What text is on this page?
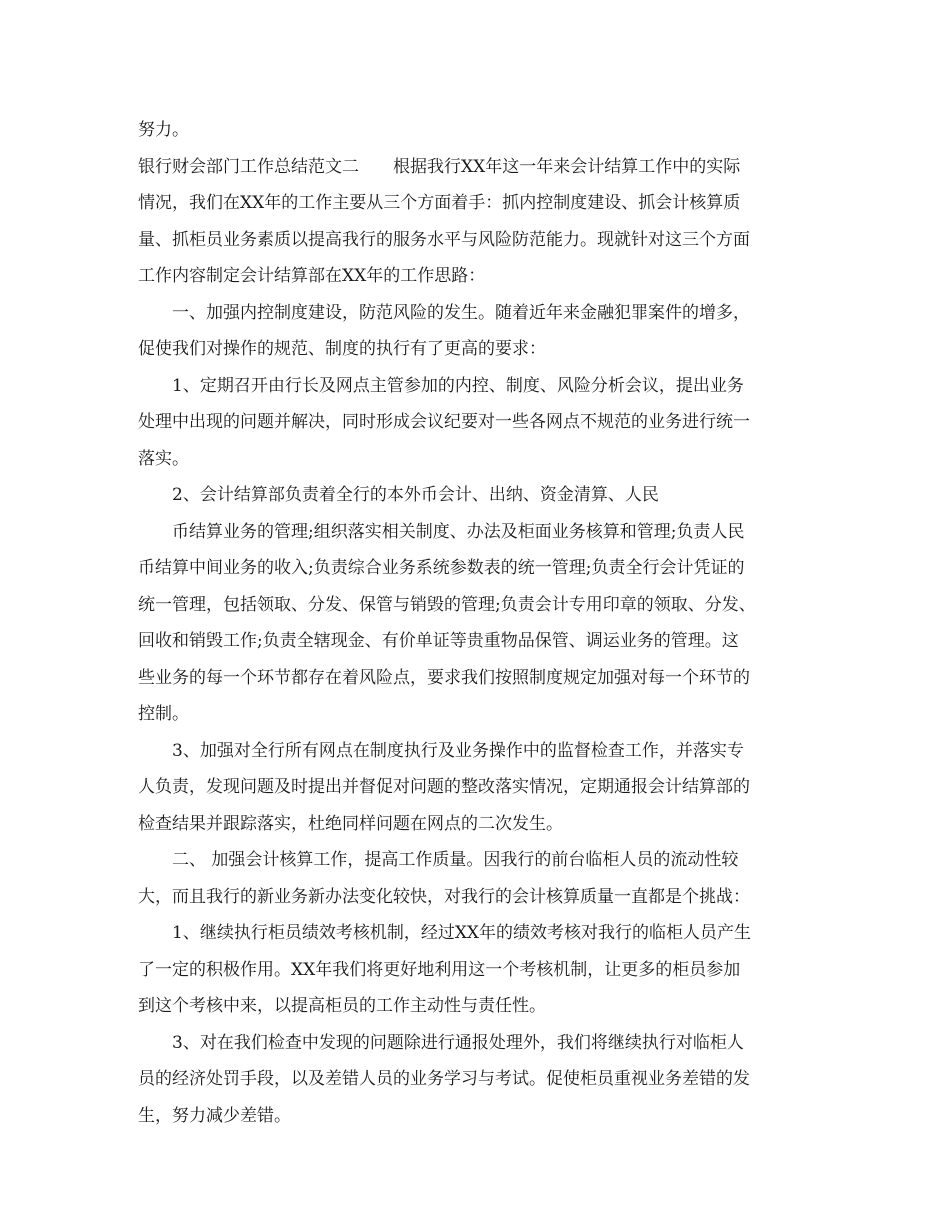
努力。
银行财会部门工作总结范文二 根据我行XX年这一年来会计结算工作中的实际
情况，我们在XX年的工作主要从三个方面着手：抓内控制度建设、抓会计核算质
量、抓柜员业务素质以提高我行的服务水平与风险防范能力。现就针对这三个方面
工作内容制定会计结算部在XX年的工作思路：
一、加强内控制度建设，防范风险的发生。随着近年来金融犯罪案件的增多，
促使我们对操作的规范、制度的执行有了更高的要求：
1、定期召开由行长及网点主管参加的内控、制度、风险分析会议，提出业务
处理中出现的问题并解决，同时形成会议纪要对一些各网点不规范的业务进行统一
落实。
2、会计结算部负责着全行的本外币会计、出纳、资金清算、人民
币结算业务的管理;组织落实相关制度、办法及柜面业务核算和管理;负责人民
币结算中间业务的收入;负责综合业务系统参数表的统一管理;负责全行会计凭证的
统一管理，包括领取、分发、保管与销毁的管理;负责会计专用印章的领取、分发、
回收和销毁工作;负责全辖现金、有价单证等贵重物品保管、调运业务的管理。这
些业务的每一个环节都存在着风险点，要求我们按照制度规定加强对每一个环节的
控制。
3、加强对全行所有网点在制度执行及业务操作中的监督检查工作，并落实专
人负责，发现问题及时提出并督促对问题的整改落实情况，定期通报会计结算部的
检查结果并跟踪落实，杜绝同样问题在网点的二次发生。
二、 加强会计核算工作，提高工作质量。因我行的前台临柜人员的流动性较
大，而且我行的新业务新办法变化较快，对我行的会计核算质量一直都是个挑战：
1、继续执行柜员绩效考核机制，经过XX年的绩效考核对我行的临柜人员产生
了一定的积极作用。XX年我们将更好地利用这一个考核机制，让更多的柜员参加
到这个考核中来，以提高柜员的工作主动性与责任性。
3、对在我们检查中发现的问题除进行通报处理外，我们将继续执行对临柜人
员的经济处罚手段，以及差错人员的业务学习与考试。促使柜员重视业务差错的发
生，努力减少差错。
